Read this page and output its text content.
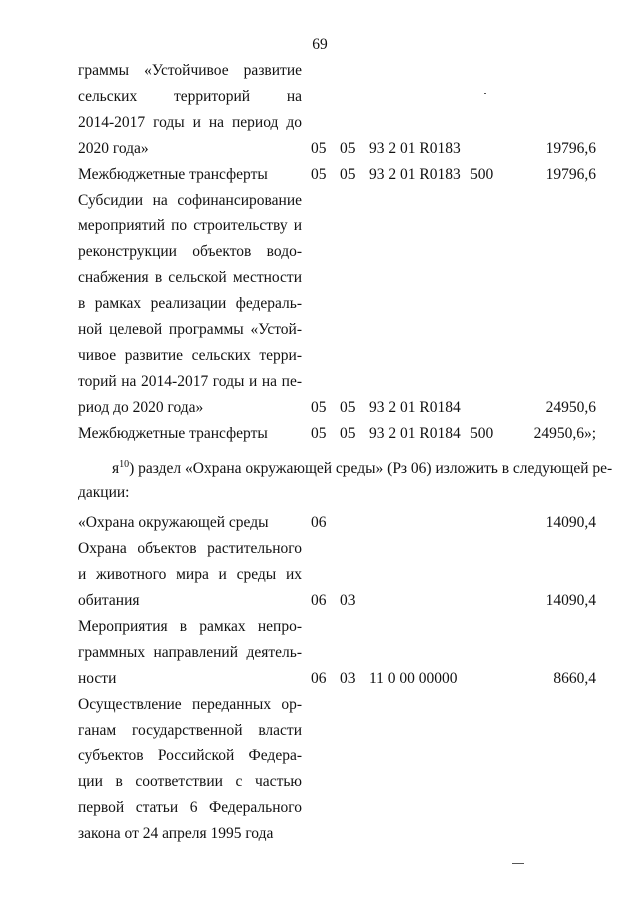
69
граммы «Устойчивое развитие
сельских территорий на
2014-2017 годы и на период до
2020 года»	05 05 93 2 01 R0183	19796,6
Межбюджетные трансферты	05 05 93 2 01 R0183 500	19796,6
Субсидии на софинансирование
мероприятий по строительству и
реконструкции объектов водо-
снабжения в сельской местности
в рамках реализации федераль-
ной целевой программы «Устой-
чивое развитие сельских терри-
торий на 2014-2017 годы и на пе-
риод до 2020 года»	05 05 93 2 01 R0184	24950,6
Межбюджетные трансферты	05 05 93 2 01 R0184 500	24950,6»;
$я^{10}$) раздел «Охрана окружающей среды» (Рз 06) изложить в следующей ре-
дакции:
«Охрана окружающей среды	06	14090,4
Охрана объектов растительного
и животного мира и среды их
обитания	06 03	14090,4
Мероприятия в рамках непро-
граммных направлений деятель-
ности	06 03 11 0 00 00000	8660,4
Осуществление переданных ор-
ганам государственной власти
субъектов Российской Федера-
ции в соответствии с частью
первой статьи 6 Федерального
закона от 24 апреля 1995 года
